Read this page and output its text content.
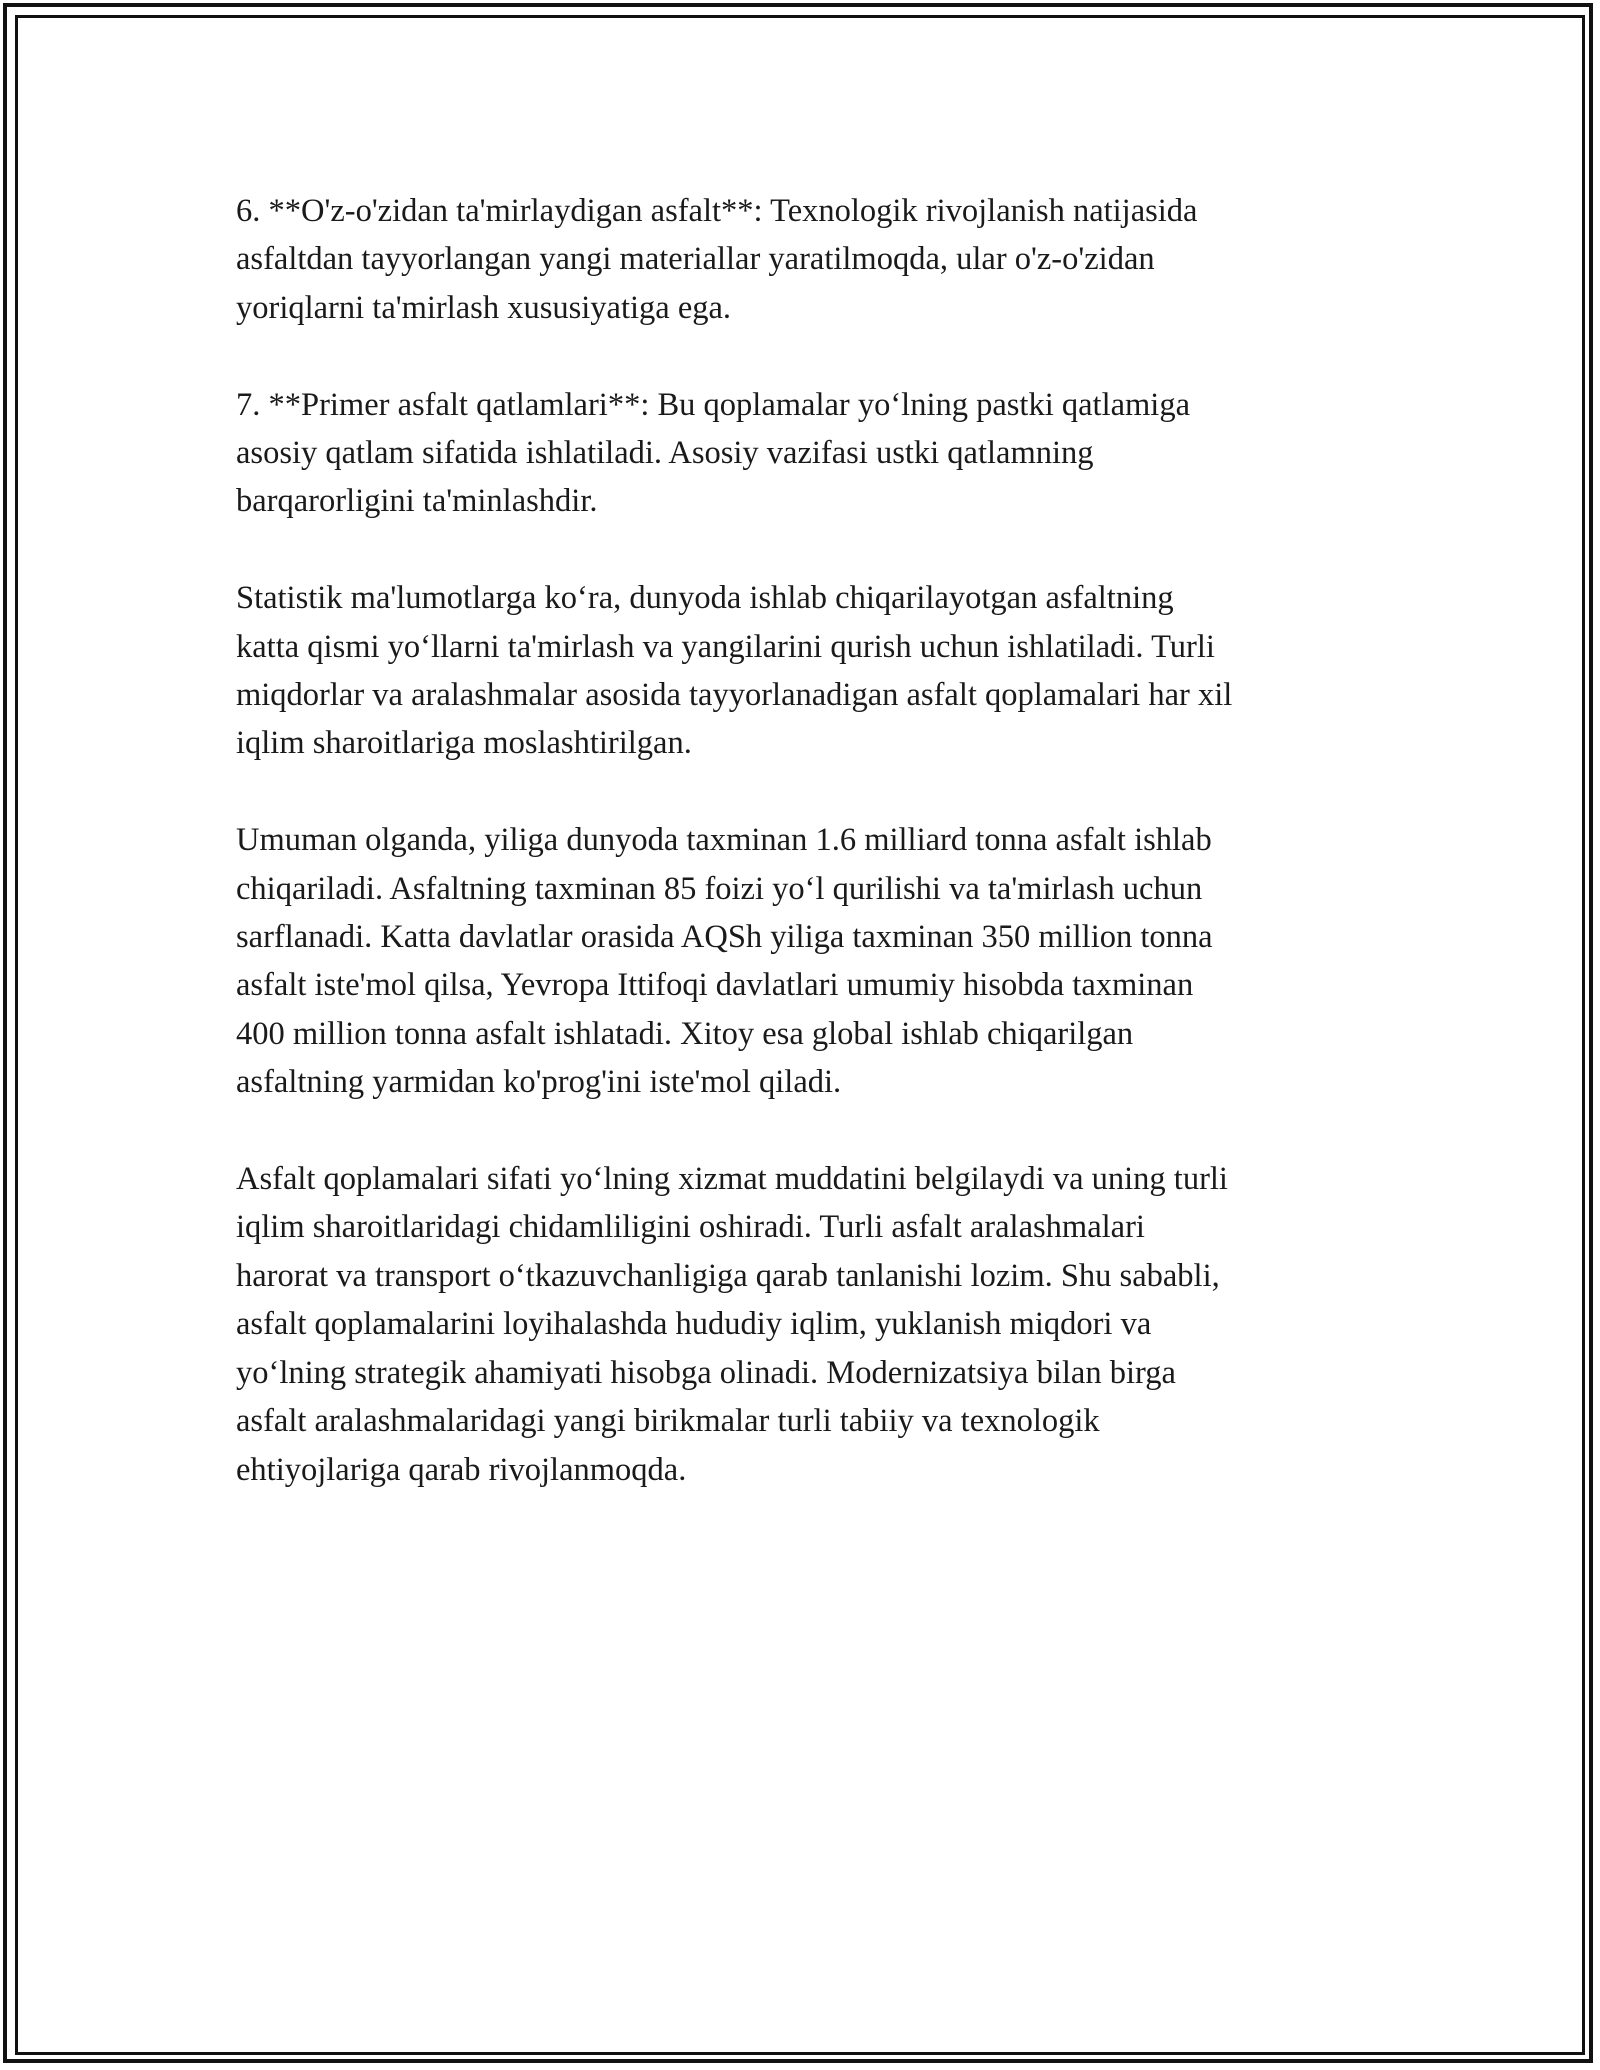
6. **O'z-o'zidan ta'mirlaydigan asfalt**: Texnologik rivojlanish natijasida
asfaltdan tayyorlangan yangi materiallar yaratilmoqda, ular o'z-o'zidan
yoriqlarni ta'mirlash xususiyatiga ega.

7. **Primer asfalt qatlamlari**: Bu qoplamalar yo‘lning pastki qatlamiga
asosiy qatlam sifatida ishlatiladi. Asosiy vazifasi ustki qatlamning
barqarorligini ta'minlashdir.

Statistik ma'lumotlarga ko‘ra, dunyoda ishlab chiqarilayotgan asfaltning
katta qismi yo‘llarni ta'mirlash va yangilarini qurish uchun ishlatiladi. Turli
miqdorlar va aralashmalar asosida tayyorlanadigan asfalt qoplamalari har xil
iqlim sharoitlariga moslashtirilgan.

Umuman olganda, yiliga dunyoda taxminan 1.6 milliard tonna asfalt ishlab
chiqariladi. Asfaltning taxminan 85 foizi yo‘l qurilishi va ta'mirlash uchun
sarflanadi. Katta davlatlar orasida AQSh yiliga taxminan 350 million tonna
asfalt iste'mol qilsa, Yevropa Ittifoqi davlatlari umumiy hisobda taxminan
400 million tonna asfalt ishlatadi. Xitoy esa global ishlab chiqarilgan
asfaltning yarmidan ko'prog'ini iste'mol qiladi.

Asfalt qoplamalari sifati yo‘lning xizmat muddatini belgilaydi va uning turli
iqlim sharoitlaridagi chidamliligini oshiradi. Turli asfalt aralashmalari
harorat va transport o‘tkazuvchanligiga qarab tanlanishi lozim. Shu sababli,
asfalt qoplamalarini loyihalashda hududiy iqlim, yuklanish miqdori va
yo‘lning strategik ahamiyati hisobga olinadi. Modernizatsiya bilan birga
asfalt aralashmalaridagi yangi birikmalar turli tabiiy va texnologik
ehtiyojlariga qarab rivojlanmoqda.
